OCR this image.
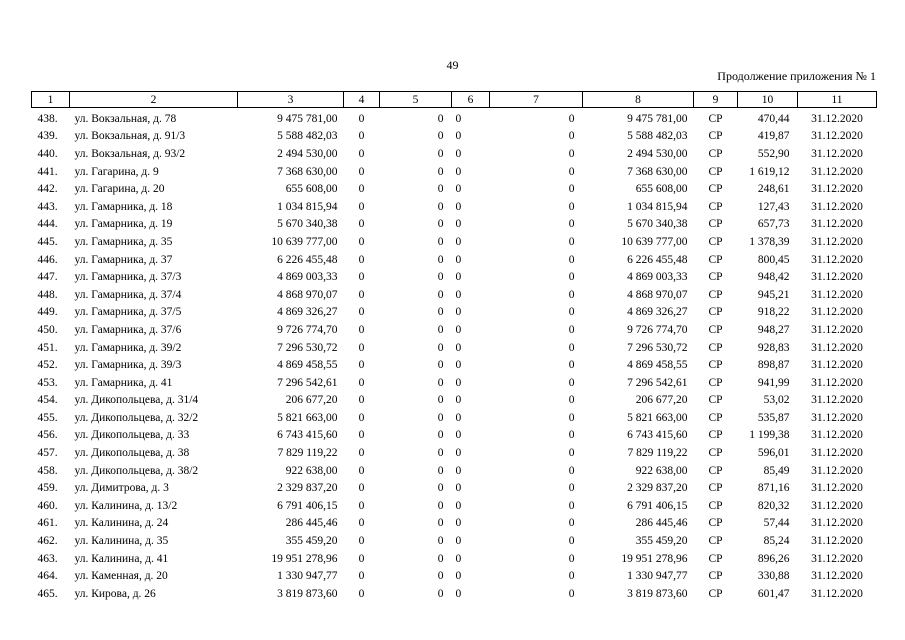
49
Продолжение приложения № 1
1	2	3	4	5	6	7	8	9	10	11
438.	ул. Вокзальная, д. 78	9 475 781,00	0	0	0	0	9 475 781,00	СР	470,44	31.12.2020
439.	ул. Вокзальная, д. 91/3	5 588 482,03	0	0	0	0	5 588 482,03	СР	419,87	31.12.2020
440.	ул. Вокзальная, д. 93/2	2 494 530,00	0	0	0	0	2 494 530,00	СР	552,90	31.12.2020
441.	ул. Гагарина, д. 9	7 368 630,00	0	0	0	0	7 368 630,00	СР	1 619,12	31.12.2020
442.	ул. Гагарина, д. 20	655 608,00	0	0	0	0	655 608,00	СР	248,61	31.12.2020
443.	ул. Гамарника, д. 18	1 034 815,94	0	0	0	0	1 034 815,94	СР	127,43	31.12.2020
444.	ул. Гамарника, д. 19	5 670 340,38	0	0	0	0	5 670 340,38	СР	657,73	31.12.2020
445.	ул. Гамарника, д. 35	10 639 777,00	0	0	0	0	10 639 777,00	СР	1 378,39	31.12.2020
446.	ул. Гамарника, д. 37	6 226 455,48	0	0	0	0	6 226 455,48	СР	800,45	31.12.2020
447.	ул. Гамарника, д. 37/3	4 869 003,33	0	0	0	0	4 869 003,33	СР	948,42	31.12.2020
448.	ул. Гамарника, д. 37/4	4 868 970,07	0	0	0	0	4 868 970,07	СР	945,21	31.12.2020
449.	ул. Гамарника, д. 37/5	4 869 326,27	0	0	0	0	4 869 326,27	СР	918,22	31.12.2020
450.	ул. Гамарника, д. 37/6	9 726 774,70	0	0	0	0	9 726 774,70	СР	948,27	31.12.2020
451.	ул. Гамарника, д. 39/2	7 296 530,72	0	0	0	0	7 296 530,72	СР	928,83	31.12.2020
452.	ул. Гамарника, д. 39/3	4 869 458,55	0	0	0	0	4 869 458,55	СР	898,87	31.12.2020
453.	ул. Гамарника, д. 41	7 296 542,61	0	0	0	0	7 296 542,61	СР	941,99	31.12.2020
454.	ул. Дикопольцева, д. 31/4	206 677,20	0	0	0	0	206 677,20	СР	53,02	31.12.2020
455.	ул. Дикопольцева, д. 32/2	5 821 663,00	0	0	0	0	5 821 663,00	СР	535,87	31.12.2020
456.	ул. Дикопольцева, д. 33	6 743 415,60	0	0	0	0	6 743 415,60	СР	1 199,38	31.12.2020
457.	ул. Дикопольцева, д. 38	7 829 119,22	0	0	0	0	7 829 119,22	СР	596,01	31.12.2020
458.	ул. Дикопольцева, д. 38/2	922 638,00	0	0	0	0	922 638,00	СР	85,49	31.12.2020
459.	ул. Димитрова, д. 3	2 329 837,20	0	0	0	0	2 329 837,20	СР	871,16	31.12.2020
460.	ул. Калинина, д. 13/2	6 791 406,15	0	0	0	0	6 791 406,15	СР	820,32	31.12.2020
461.	ул. Калинина, д. 24	286 445,46	0	0	0	0	286 445,46	СР	57,44	31.12.2020
462.	ул. Калинина, д. 35	355 459,20	0	0	0	0	355 459,20	СР	85,24	31.12.2020
463.	ул. Калинина, д. 41	19 951 278,96	0	0	0	0	19 951 278,96	СР	896,26	31.12.2020
464.	ул. Каменная, д. 20	1 330 947,77	0	0	0	0	1 330 947,77	СР	330,88	31.12.2020
465.	ул. Кирова, д. 26	3 819 873,60	0	0	0	0	3 819 873,60	СР	601,47	31.12.2020
